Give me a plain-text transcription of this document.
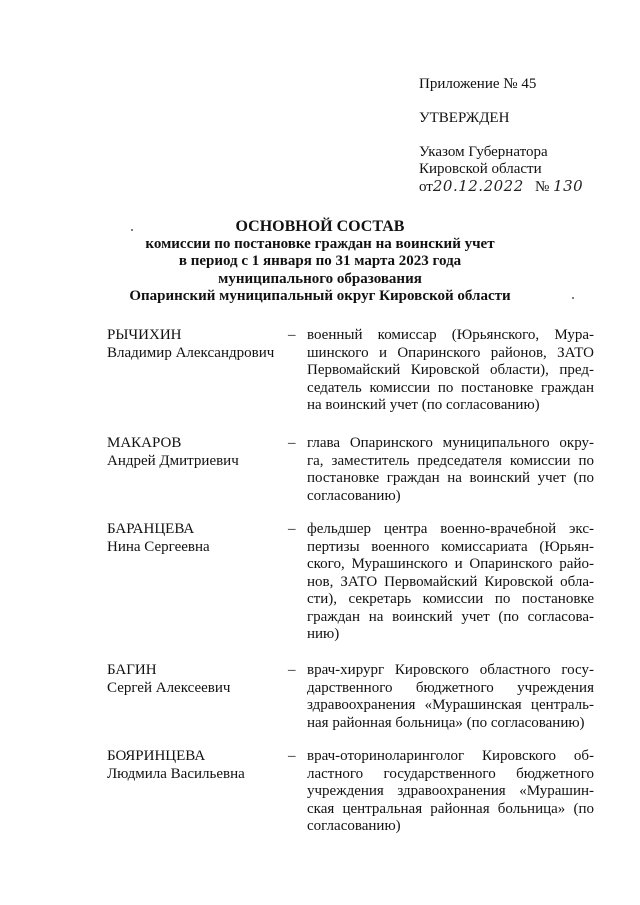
Приложение № 45
УТВЕРЖДЕН
Указом Губернатора
Кировской области
от20.12.2022 № 130
ОСНОВНОЙ СОСТАВ
комиссии по постановке граждан на воинский учет
в период с 1 января по 31 марта 2023 года
муниципального образования
Опаринский муниципальный округ Кировской области
РЫЧИХИН
Владимир Александрович
– военный комиссар (Юрьянского, Мура-
шинского и Опаринского районов, ЗАТО
Первомайский Кировской области), пред-
седатель комиссии по постановке граждан
на воинский учет (по согласованию)
МАКАРОВ
Андрей Дмитриевич
– глава Опаринского муниципального окру-
га, заместитель председателя комиссии по
постановке граждан на воинский учет (по
согласованию)
БАРАНЦЕВА
Нина Сергеевна
– фельдшер центра военно-врачебной экс-
пертизы военного комиссариата (Юрьян-
ского, Мурашинского и Опаринского райо-
нов, ЗАТО Первомайский Кировской обла-
сти), секретарь комиссии по постановке
граждан на воинский учет (по согласова-
нию)
БАГИН
Сергей Алексеевич
– врач-хирург Кировского областного госу-
дарственного бюджетного учреждения
здравоохранения «Мурашинская централь-
ная районная больница» (по согласованию)
БОЯРИНЦЕВА
Людмила Васильевна
– врач-оториноларинголог Кировского об-
ластного государственного бюджетного
учреждения здравоохранения «Мурашин-
ская центральная районная больница» (по
согласованию)
